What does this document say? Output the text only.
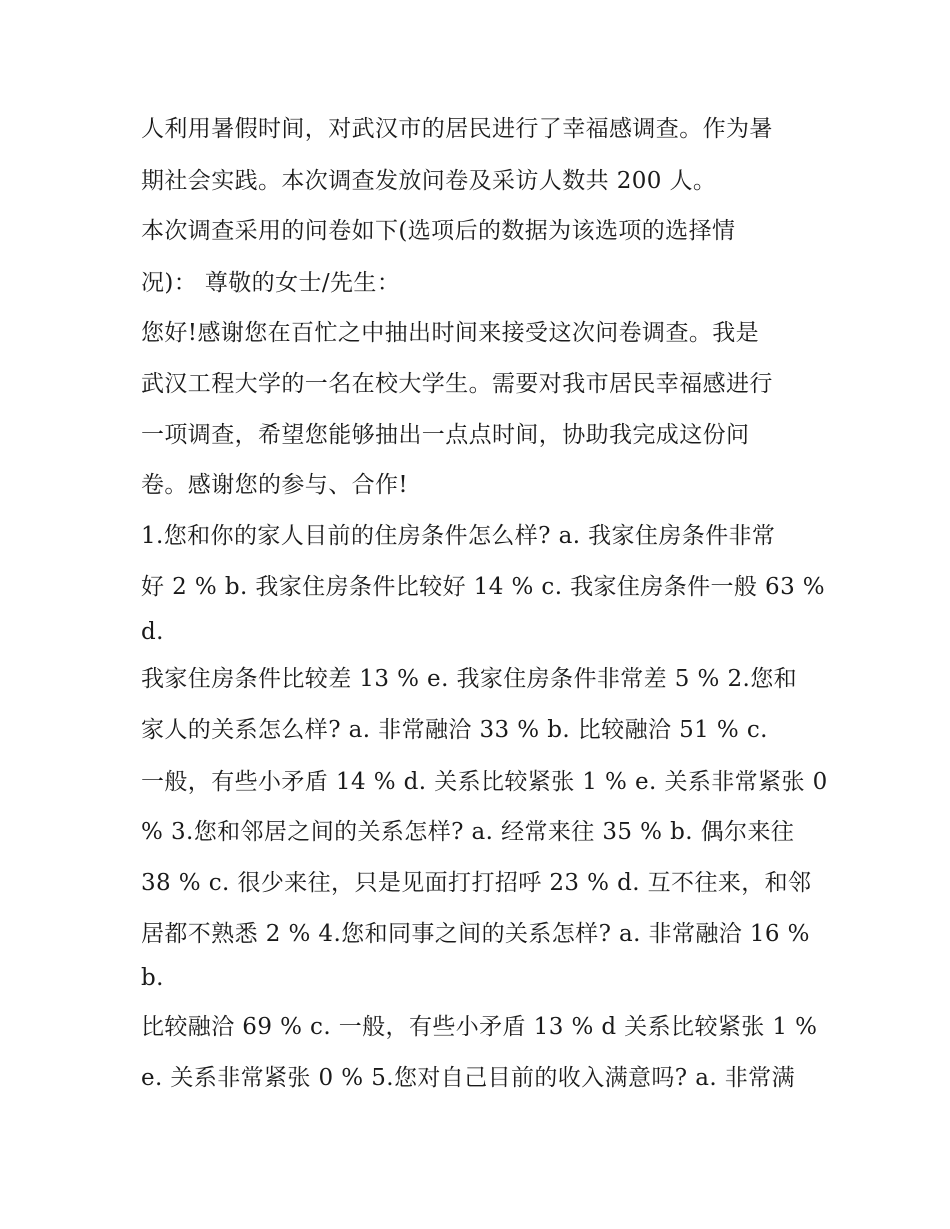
人利用暑假时间，对武汉市的居民进行了幸福感调查。作为暑
期社会实践。本次调查发放问卷及采访人数共 200 人。
本次调查采用的问卷如下(选项后的数据为该选项的选择情
况)： 尊敬的女士/先生：
您好!感谢您在百忙之中抽出时间来接受这次问卷调查。我是
武汉工程大学的一名在校大学生。需要对我市居民幸福感进行
一项调查，希望您能够抽出一点点时间，协助我完成这份问
卷。感谢您的参与、合作!
1.您和你的家人目前的住房条件怎么样? a. 我家住房条件非常
好 2 % b. 我家住房条件比较好 14 % c. 我家住房条件一般 63 %
d.
我家住房条件比较差 13 % e. 我家住房条件非常差 5 % 2.您和
家人的关系怎么样? a. 非常融洽 33 % b. 比较融洽 51 % c.
一般，有些小矛盾 14 % d. 关系比较紧张 1 % e. 关系非常紧张 0
% 3.您和邻居之间的关系怎样? a. 经常来往 35 % b. 偶尔来往
38 % c. 很少来往，只是见面打打招呼 23 % d. 互不往来，和邻
居都不熟悉 2 % 4.您和同事之间的关系怎样? a. 非常融洽 16 %
b.
比较融洽 69 % c. 一般，有些小矛盾 13 % d 关系比较紧张 1 %
e. 关系非常紧张 0 % 5.您对自己目前的收入满意吗? a. 非常满
